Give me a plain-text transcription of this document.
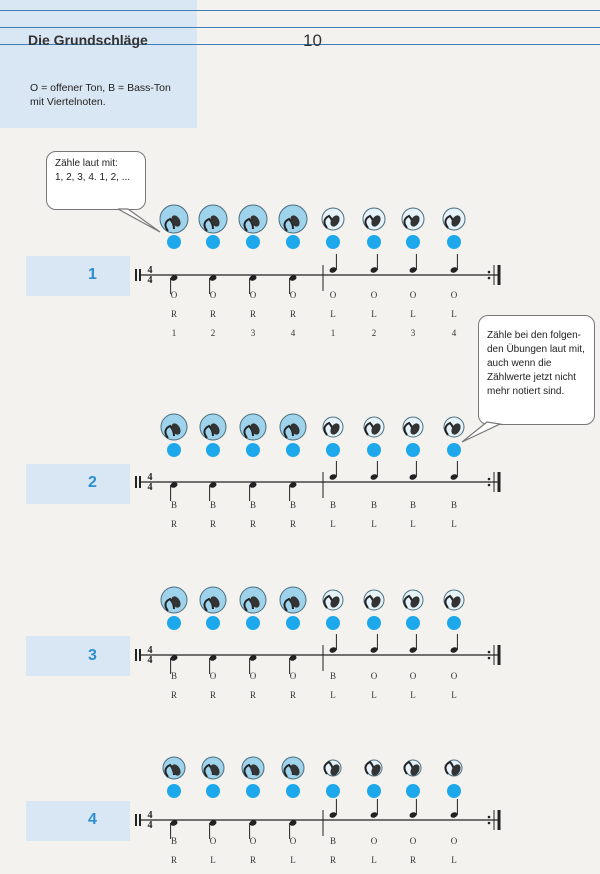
Die Grundschläge	10
O = offener Ton, B = Bass-Ton
mit Viertelnoten.
Zähle laut mit:
1, 2, 3, 4. 1, 2, ...
Zähle bei den folgen-den Übungen laut mit, auch wenn die Zählwerte jetzt nicht mehr notiert sind.
1
2
3
4
4
4
4
4
4
4
4
4
O	O	O	O	O	O	O	O
R	R	R	R	L	L	L	L
1	2	3	4	1	2	3	4
B	B	B	B	B	B	B	B
R	R	R	R	L	L	L	L
B	O	O	O	B	O	O	O
R	R	R	R	L	L	L	L
B	O	O	O	B	O	O	O
R	L	R	L	R	L	R	L
